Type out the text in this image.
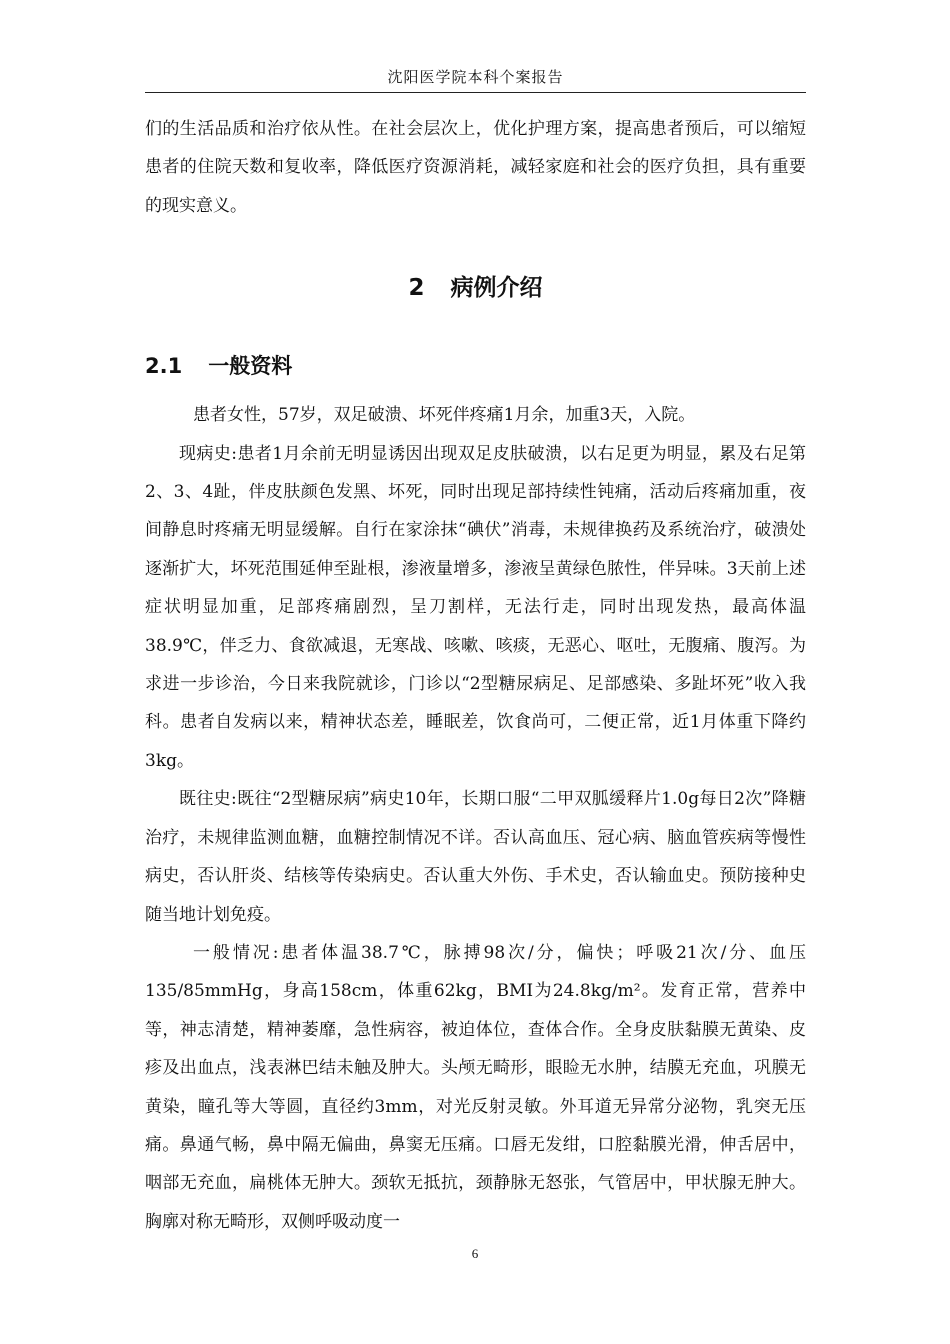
沈阳医学院本科个案报告

们的生活品质和治疗依从性。在社会层次上，优化护理方案，提高患者预后，可以缩短患者的住院天数和复收率，降低医疗资源消耗，减轻家庭和社会的医疗负担，具有重要的现实意义。

2 病例介绍
2.1 一般资料

患者女性，57岁，双足破溃、坏死伴疼痛1月余，加重3天，入院。

现病史:患者1月余前无明显诱因出现双足皮肤破溃，以右足更为明显，累及右足第2、3、4趾，伴皮肤颜色发黑、坏死，同时出现足部持续性钝痛，活动后疼痛加重，夜间静息时疼痛无明显缓解。自行在家涂抹“碘伏”消毒，未规律换药及系统治疗，破溃处逐渐扩大，坏死范围延伸至趾根，渗液量增多，渗液呈黄绿色脓性，伴异味。3天前上述症状明显加重，足部疼痛剧烈，呈刀割样，无法行走，同时出现发热，最高体温38.9℃，伴乏力、食欲减退，无寒战、咳嗽、咳痰，无恶心、呕吐，无腹痛、腹泻。为求进一步诊治，今日来我院就诊，门诊以“2型糖尿病足、足部感染、多趾坏死”收入我科。患者自发病以来，精神状态差，睡眠差，饮食尚可，二便正常，近1月体重下降约3kg。

既往史:既往“2型糖尿病”病史10年，长期口服“二甲双胍缓释片1.0g每日2次”降糖治疗，未规律监测血糖，血糖控制情况不详。否认高血压、冠心病、脑血管疾病等慢性病史，否认肝炎、结核等传染病史。否认重大外伤、手术史，否认输血史。预防接种史随当地计划免疫。

一般情况:患者体温38.7℃，脉搏98次/分，偏快；呼吸21次/分、血压135/85mmHg，身高158cm，体重62kg，BMI为24.8kg/m²。发育正常，营养中等，神志清楚，精神萎靡，急性病容，被迫体位，查体合作。全身皮肤黏膜无黄染、皮疹及出血点，浅表淋巴结未触及肿大。头颅无畸形，眼睑无水肿，结膜无充血，巩膜无黄染，瞳孔等大等圆，直径约3mm，对光反射灵敏。外耳道无异常分泌物，乳突无压痛。鼻通气畅，鼻中隔无偏曲，鼻窦无压痛。口唇无发绀，口腔黏膜光滑，伸舌居中，咽部无充血，扁桃体无肿大。颈软无抵抗，颈静脉无怒张，气管居中，甲状腺无肿大。胸廓对称无畸形，双侧呼吸动度一

6
